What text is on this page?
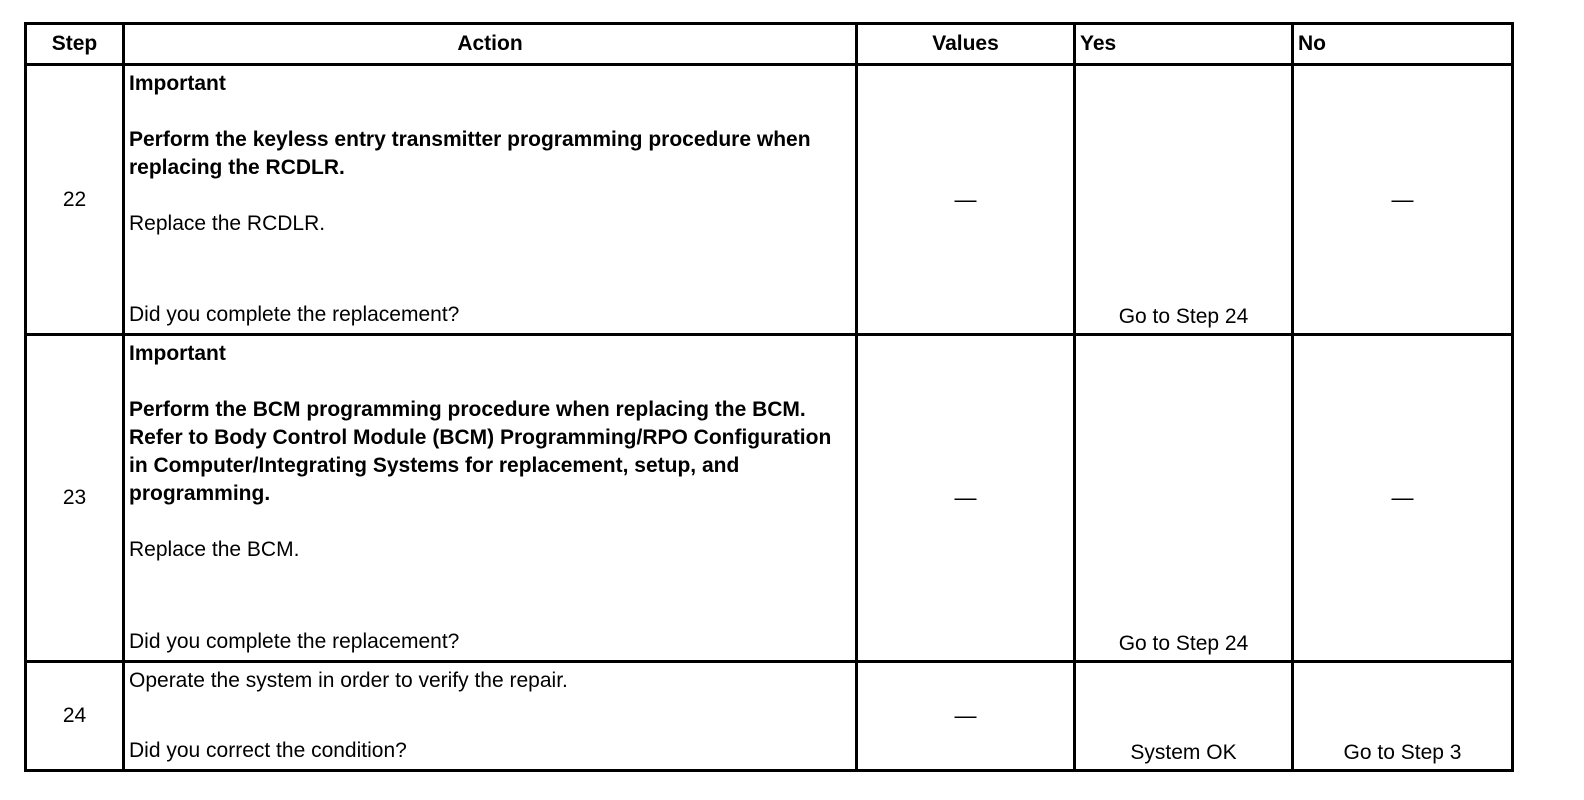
Step	Action	Values	Yes	No
22	Important
Perform the keyless entry transmitter programming procedure when replacing the RCDLR.
Replace the RCDLR.
Did you complete the replacement?	—	Go to Step 24	—
23	Important
Perform the BCM programming procedure when replacing the BCM. Refer to Body Control Module (BCM) Programming/RPO Configuration in Computer/Integrating Systems for replacement, setup, and programming.
Replace the BCM.
Did you complete the replacement?	—	Go to Step 24	—
24	Operate the system in order to verify the repair.
Did you correct the condition?	—	System OK	Go to Step 3
